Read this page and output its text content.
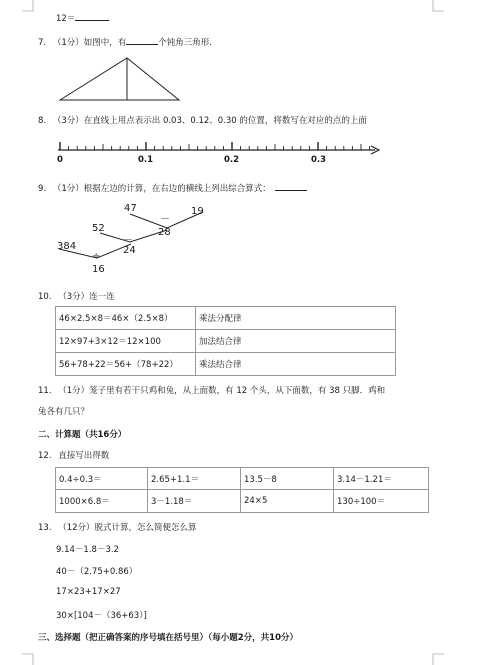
12＝
7. （1分）如图中，有	个钝角三角形.
8. （3分）在直线上用点表示出 0.03、0.12、0.30 的位置，将数写在对应的点的上面
0	0.1	0.2	0.3
9. （1分）根据左边的计算，在右边的横线上列出综合算式：
47
－
19
52	28
－
384	24
÷
16
10. （3分）连一连
46×2.5×8＝46×（2.5×8）	乘法分配律
12×97+3×12＝12×100	加法结合律
56+78+22＝56+（78+22）	乘法结合律
11. （1分）笼子里有若干只鸡和兔，从上面数，有 12 个头，从下面数，有 38 只脚．鸡和
兔各有几只？
二、计算题（共16分）
12. 直接写出得数
0.4÷0.3＝	2.65+1.1＝	13.5－8	3.14－1.21＝
1000×6.8＝	3－1.18＝	24×5	130÷100＝
13. （12分）脱式计算，怎么简便怎么算
9.14－1.8－3.2
40－（2.75+0.86）
17×23+17×27
30×[104－（36+63）]
三、选择题（把正确答案的序号填在括号里）（每小题2分，共10分）
